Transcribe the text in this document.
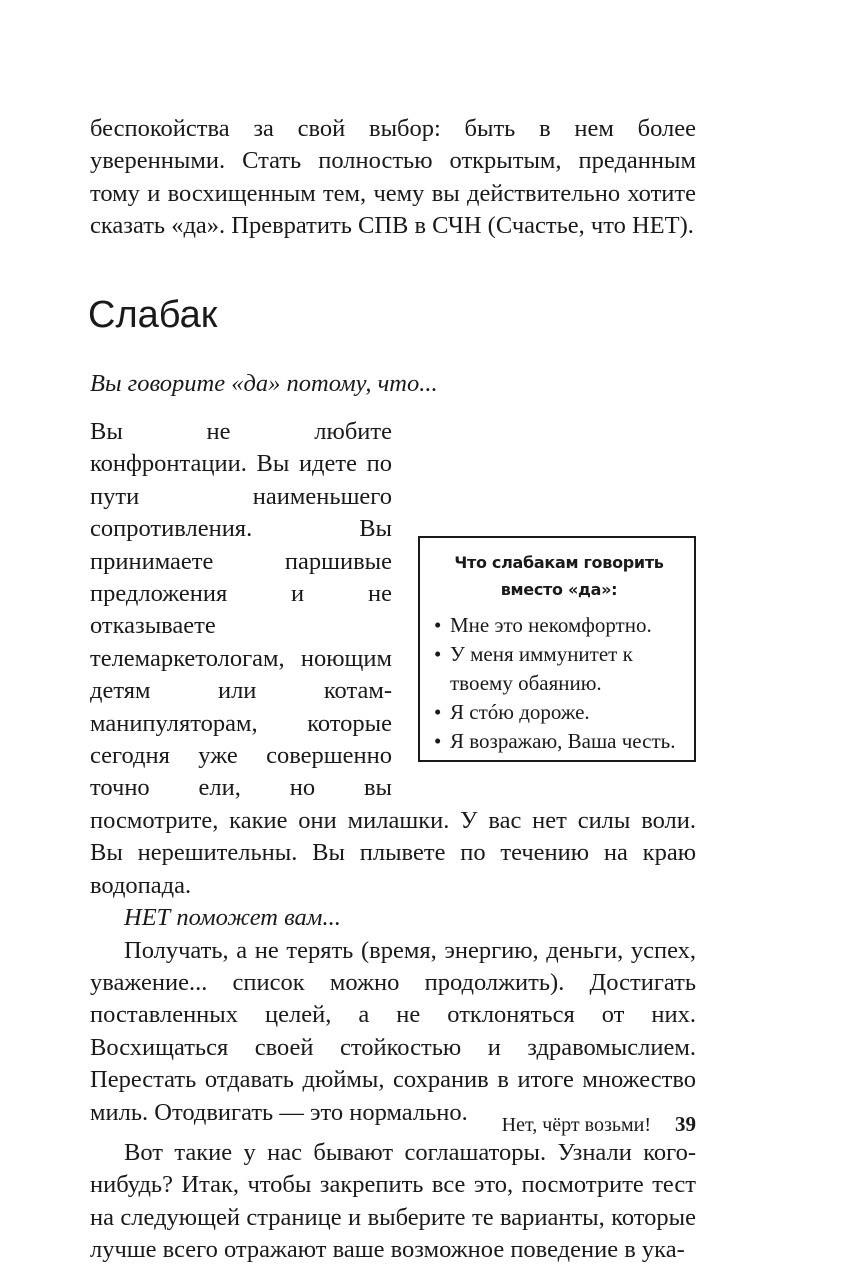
беспокойства за свой выбор: быть в нем более уверенными. Стать полностью открытым, преданным тому и восхищенным тем, чему вы действительно хотите сказать «да». Превратить СПВ в СЧН (Счастье, что НЕТ).

Слабак

Вы говорите «да» потому, что...

Что слабакам говорить вместо «да»:
• Мне это некомфортно.
• У меня иммунитет к твоему обаянию.
• Я стóю дороже.
• Я возражаю, Ваша честь.

Вы не любите конфронтации. Вы идете по пути наименьшего сопротивления. Вы принимаете паршивые предложения и не отказываете телемаркетологам, ноющим детям или котам-манипуляторам, которые сегодня уже совершенно точно ели, но вы посмотрите, какие они милашки. У вас нет силы воли. Вы нерешительны. Вы плывете по течению на краю водопада.

НЕТ поможет вам...

Получать, а не терять (время, энергию, деньги, успех, уважение... список можно продолжить). Достигать поставленных целей, а не отклоняться от них. Восхищаться своей стойкостью и здравомыслием. Перестать отдавать дюймы, сохранив в итоге множество миль. Отодвигать — это нормально.

Вот такие у нас бывают соглашаторы. Узнали кого-нибудь? Итак, чтобы закрепить все это, посмотрите тест на следующей странице и выберите те варианты, которые лучше всего отражают ваше возможное поведение в ука-

Нет, чёрт возьми! 39
